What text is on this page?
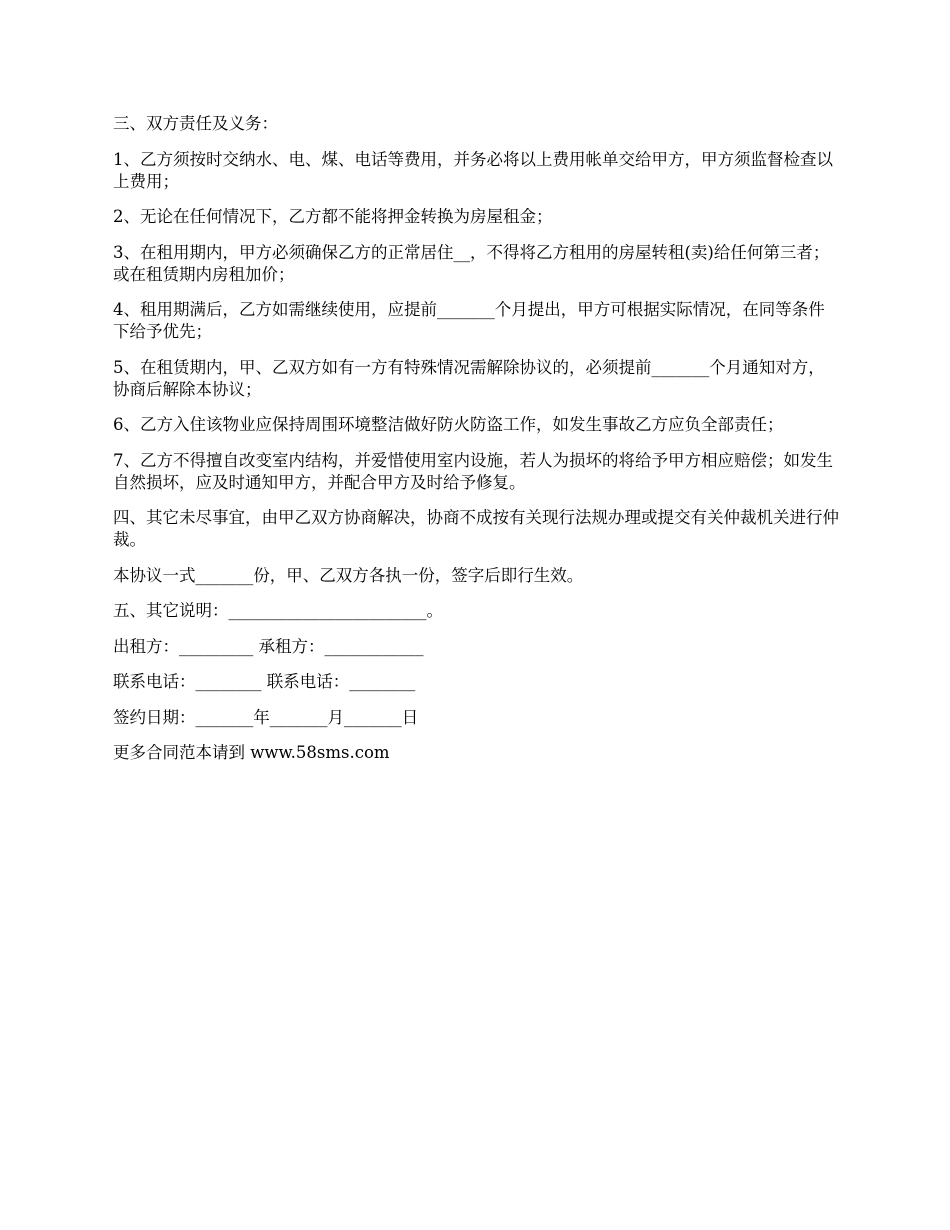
三、双方责任及义务：

1、乙方须按时交纳水、电、煤、电话等费用，并务必将以上费用帐单交给甲方，甲方须监督检查以上费用；

2、无论在任何情况下，乙方都不能将押金转换为房屋租金；

3、在租用期内，甲方必须确保乙方的正常居住__，不得将乙方租用的房屋转租(卖)给任何第三者；或在租赁期内房租加价；

4、租用期满后，乙方如需继续使用，应提前_______个月提出，甲方可根据实际情况，在同等条件下给予优先；

5、在租赁期内，甲、乙双方如有一方有特殊情况需解除协议的，必须提前_______个月通知对方，协商后解除本协议；

6、乙方入住该物业应保持周围环境整洁做好防火防盗工作，如发生事故乙方应负全部责任；

7、乙方不得擅自改变室内结构，并爱惜使用室内设施，若人为损坏的将给予甲方相应赔偿；如发生自然损坏，应及时通知甲方，并配合甲方及时给予修复。

四、其它未尽事宜，由甲乙双方协商解决，协商不成按有关现行法规办理或提交有关仲裁机关进行仲裁。

本协议一式_______份，甲、乙双方各执一份，签字后即行生效。

五、其它说明：________________________。

出租方：_________ 承租方：____________

联系电话：________ 联系电话：________

签约日期：_______年_______月_______日

更多合同范本请到 www.58sms.com
